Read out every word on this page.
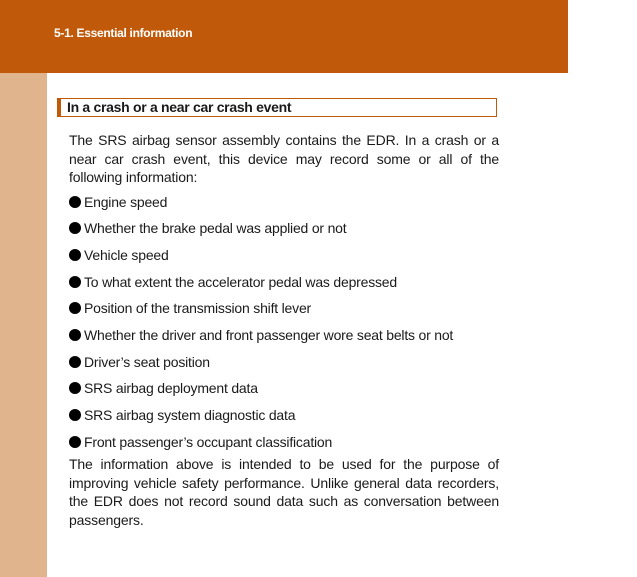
5-1. Essential information

In a crash or a near car crash event

The SRS airbag sensor assembly contains the EDR. In a crash or a near car crash event, this device may record some or all of the following information:

Engine speed
Whether the brake pedal was applied or not
Vehicle speed
To what extent the accelerator pedal was depressed
Position of the transmission shift lever
Whether the driver and front passenger wore seat belts or not
Driver’s seat position
SRS airbag deployment data
SRS airbag system diagnostic data
Front passenger’s occupant classification

The information above is intended to be used for the purpose of improving vehicle safety performance. Unlike general data recorders, the EDR does not record sound data such as conversation between passengers.
